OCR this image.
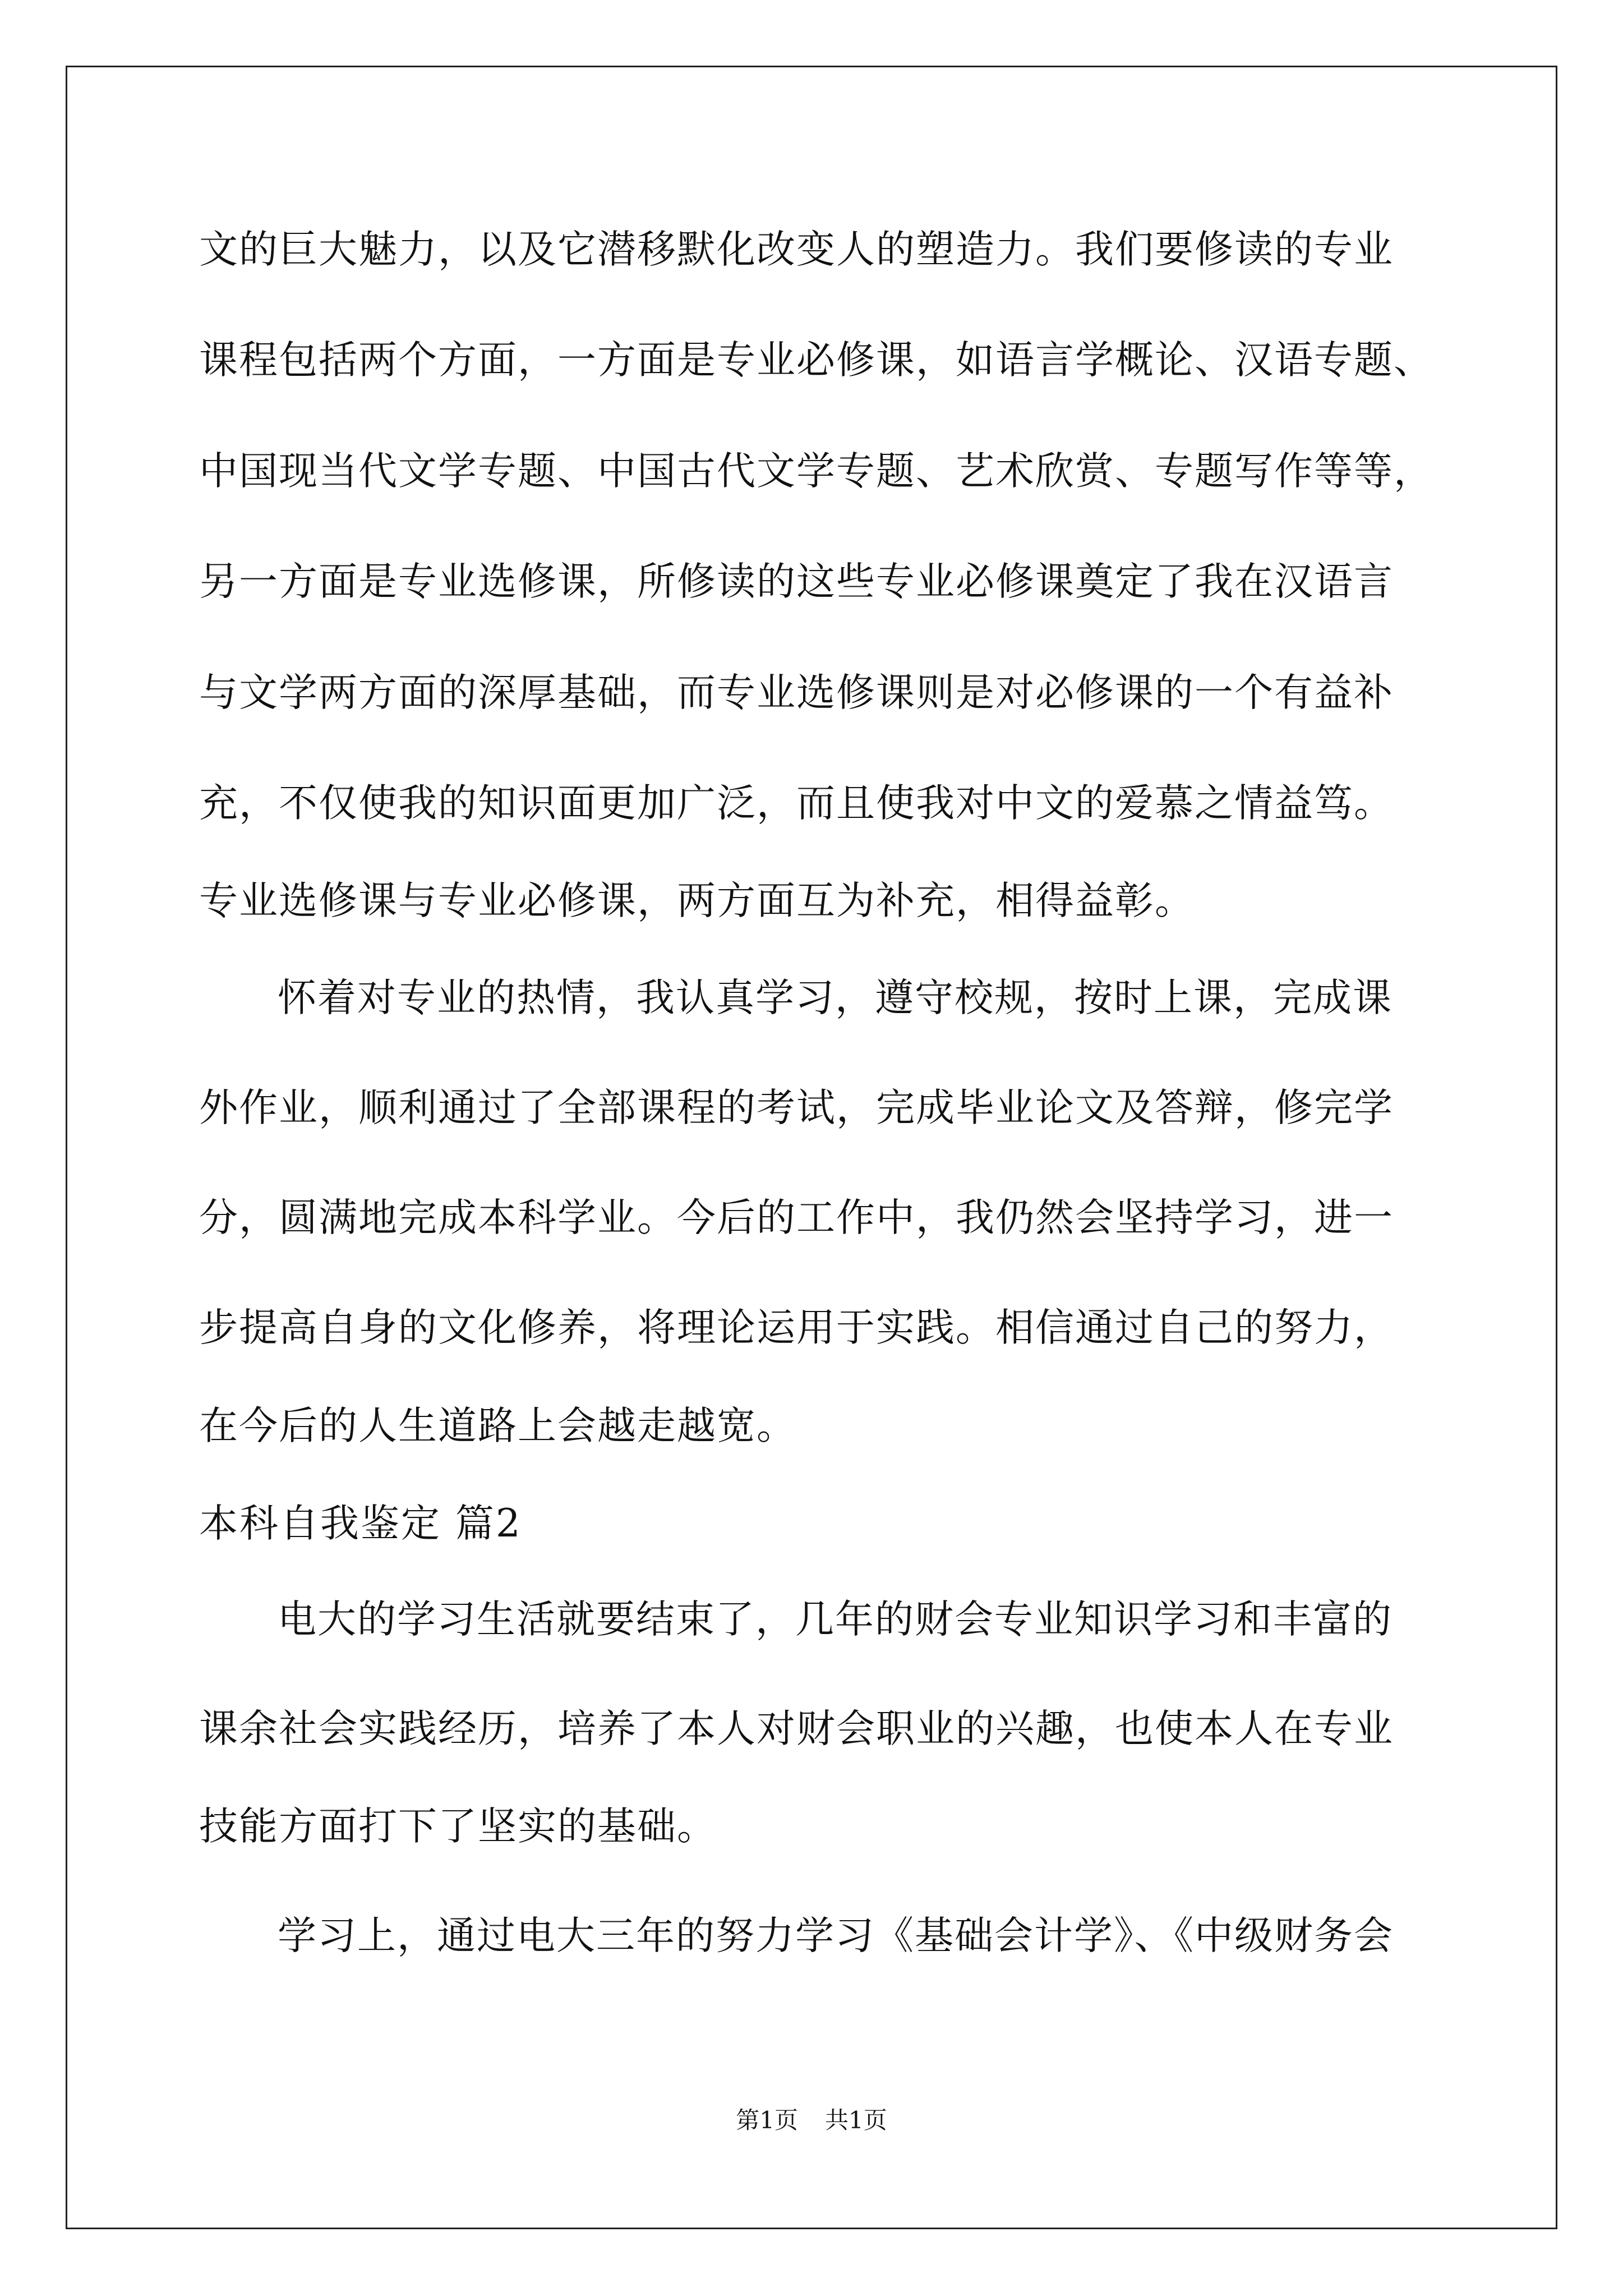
文的巨大魅力，以及它潜移默化改变人的塑造力。我们要修读的专业
课程包括两个方面，一方面是专业必修课，如语言学概论、汉语专题、
中国现当代文学专题、中国古代文学专题、艺术欣赏、专题写作等等，
另一方面是专业选修课，所修读的这些专业必修课奠定了我在汉语言
与文学两方面的深厚基础，而专业选修课则是对必修课的一个有益补
充，不仅使我的知识面更加广泛，而且使我对中文的爱慕之情益笃。
专业选修课与专业必修课，两方面互为补充，相得益彰。
怀着对专业的热情，我认真学习，遵守校规，按时上课，完成课
外作业，顺利通过了全部课程的考试，完成毕业论文及答辩，修完学
分，圆满地完成本科学业。今后的工作中，我仍然会坚持学习，进一
步提高自身的文化修养，将理论运用于实践。相信通过自己的努力，
在今后的人生道路上会越走越宽。
本科自我鉴定 篇2
电大的学习生活就要结束了，几年的财会专业知识学习和丰富的
课余社会实践经历，培养了本人对财会职业的兴趣，也使本人在专业
技能方面打下了坚实的基础。
学习上，通过电大三年的努力学习《基础会计学》、《中级财务会
第1页 共1页
